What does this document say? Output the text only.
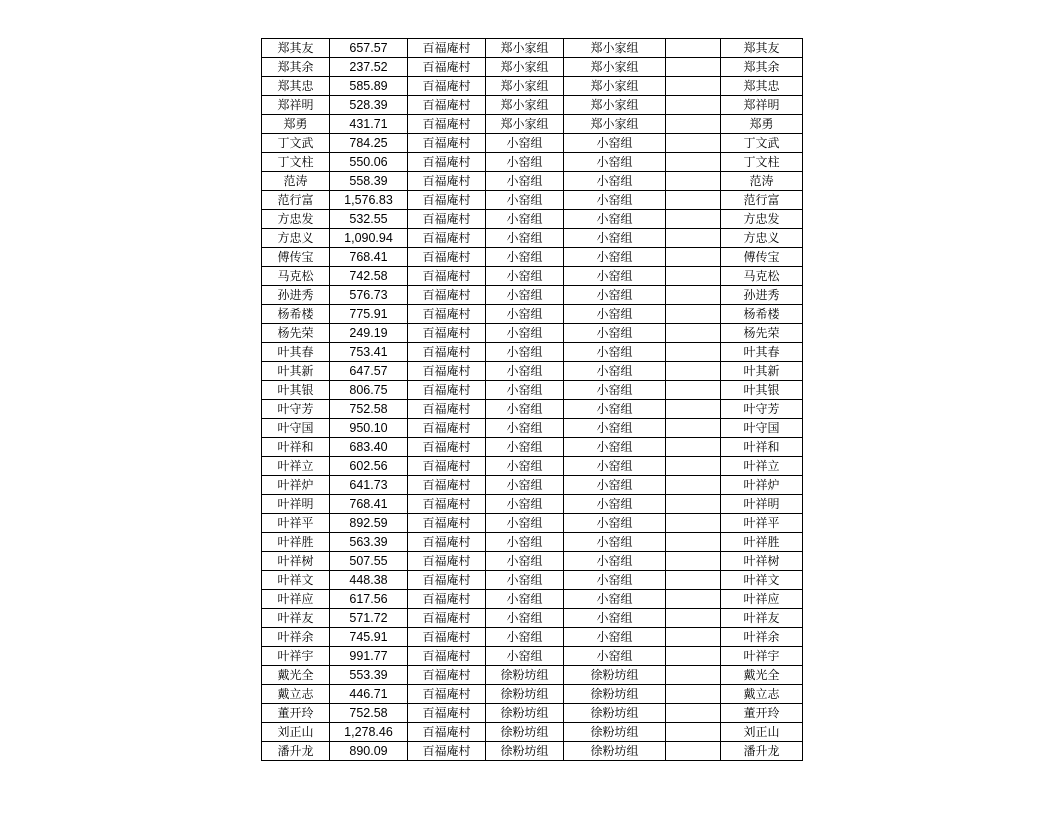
郑其友	657.57	百福庵村	郑小家组	郑小家组		郑其友
郑其余	237.52	百福庵村	郑小家组	郑小家组		郑其余
郑其忠	585.89	百福庵村	郑小家组	郑小家组		郑其忠
郑祥明	528.39	百福庵村	郑小家组	郑小家组		郑祥明
郑勇	431.71	百福庵村	郑小家组	郑小家组		郑勇
丁文武	784.25	百福庵村	小窑组	小窑组		丁文武
丁文柱	550.06	百福庵村	小窑组	小窑组		丁文柱
范涛	558.39	百福庵村	小窑组	小窑组		范涛
范行富	1,576.83	百福庵村	小窑组	小窑组		范行富
方忠发	532.55	百福庵村	小窑组	小窑组		方忠发
方忠义	1,090.94	百福庵村	小窑组	小窑组		方忠义
傅传宝	768.41	百福庵村	小窑组	小窑组		傅传宝
马克松	742.58	百福庵村	小窑组	小窑组		马克松
孙进秀	576.73	百福庵村	小窑组	小窑组		孙进秀
杨希楼	775.91	百福庵村	小窑组	小窑组		杨希楼
杨先荣	249.19	百福庵村	小窑组	小窑组		杨先荣
叶其春	753.41	百福庵村	小窑组	小窑组		叶其春
叶其新	647.57	百福庵村	小窑组	小窑组		叶其新
叶其银	806.75	百福庵村	小窑组	小窑组		叶其银
叶守芳	752.58	百福庵村	小窑组	小窑组		叶守芳
叶守国	950.10	百福庵村	小窑组	小窑组		叶守国
叶祥和	683.40	百福庵村	小窑组	小窑组		叶祥和
叶祥立	602.56	百福庵村	小窑组	小窑组		叶祥立
叶祥炉	641.73	百福庵村	小窑组	小窑组		叶祥炉
叶祥明	768.41	百福庵村	小窑组	小窑组		叶祥明
叶祥平	892.59	百福庵村	小窑组	小窑组		叶祥平
叶祥胜	563.39	百福庵村	小窑组	小窑组		叶祥胜
叶祥树	507.55	百福庵村	小窑组	小窑组		叶祥树
叶祥文	448.38	百福庵村	小窑组	小窑组		叶祥文
叶祥应	617.56	百福庵村	小窑组	小窑组		叶祥应
叶祥友	571.72	百福庵村	小窑组	小窑组		叶祥友
叶祥余	745.91	百福庵村	小窑组	小窑组		叶祥余
叶祥宇	991.77	百福庵村	小窑组	小窑组		叶祥宇
戴光全	553.39	百福庵村	徐粉坊组	徐粉坊组		戴光全
戴立志	446.71	百福庵村	徐粉坊组	徐粉坊组		戴立志
董开玲	752.58	百福庵村	徐粉坊组	徐粉坊组		董开玲
刘正山	1,278.46	百福庵村	徐粉坊组	徐粉坊组		刘正山
潘升龙	890.09	百福庵村	徐粉坊组	徐粉坊组		潘升龙
